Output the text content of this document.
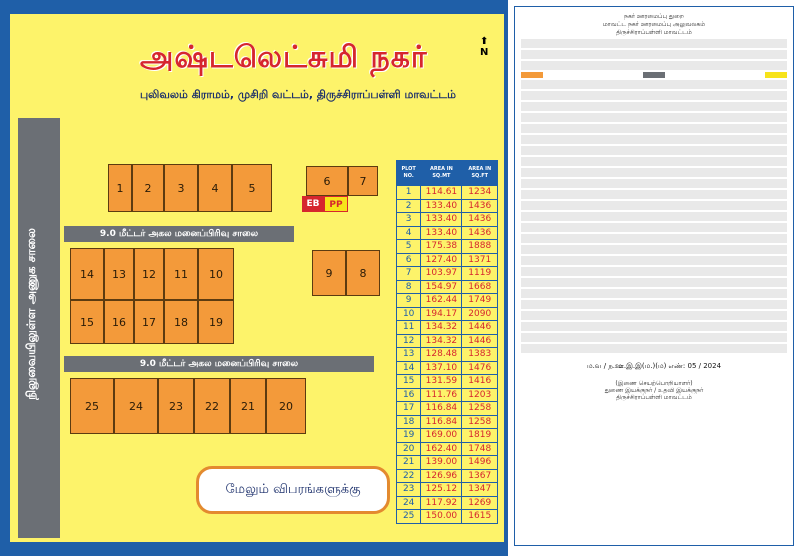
அஷ்டலெட்சுமி நகர்
புலிவலம் கிராமம், முசிறி வட்டம், திருச்சிராப்பள்ளி மாவட்டம்
⬆
N
நிலுவையிலுள்ள அணுக சாலை
1 2 3 4	5
6	7
EB	PP
9.0 மீட்டர் அகல மனைப்பிரிவு சாலை
14 13 12 11 10	9 8
15 16 17 18 19
9.0 மீட்டர் அகல மனைப்பிரிவு சாலை
25	24 23 22 21 20
மேலும் விபரங்களுக்கு
PLOT NO.	AREA IN SQ.MT	AREA IN SQ.FT
1	114.61	1234
2	133.40	1436
3	133.40	1436
4	133.40	1436
5	175.38	1888
6	127.40	1371
7	103.97	1119
8	154.97	1668
9	162.44	1749
10	194.17	2090
11	134.32	1446
12	134.32	1446
13	128.48	1383
14	137.10	1476
15	131.59	1416
16	111.76	1203
17	116.84	1258
18	116.84	1258
19	169.00	1819
20	162.40	1748
21	139.00	1496
22	126.96	1367
23	125.12	1347
24	117.92	1269
25	150.00	1615
நகர் ஊரமைப்பு துறை
மாவட்ட நகர் ஊரமைப்பு அலுவலகம்
திருச்சிராப்பள்ளி மாவட்டம்
ம.வ / ந.ஊ.இ.இ(ம.)(ம) எண்: 05 / 2024
(இணை செயற்பொறியாளர்)
துணை இயக்குநர் / உதவி இயக்குநர்
திருச்சிராப்பள்ளி மாவட்டம்
